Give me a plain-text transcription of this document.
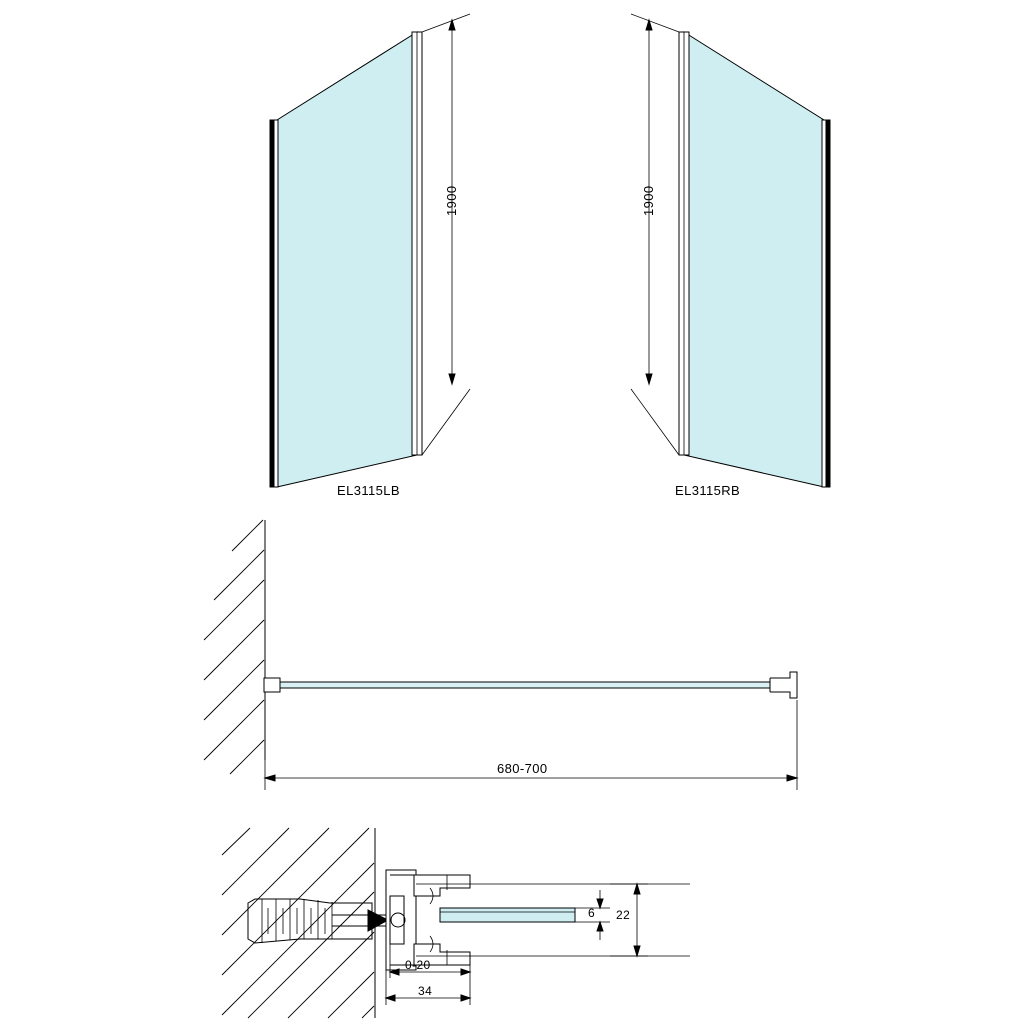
1900
EL3115LB
1900
EL3115RB
680-700
6 22
0-20
34
